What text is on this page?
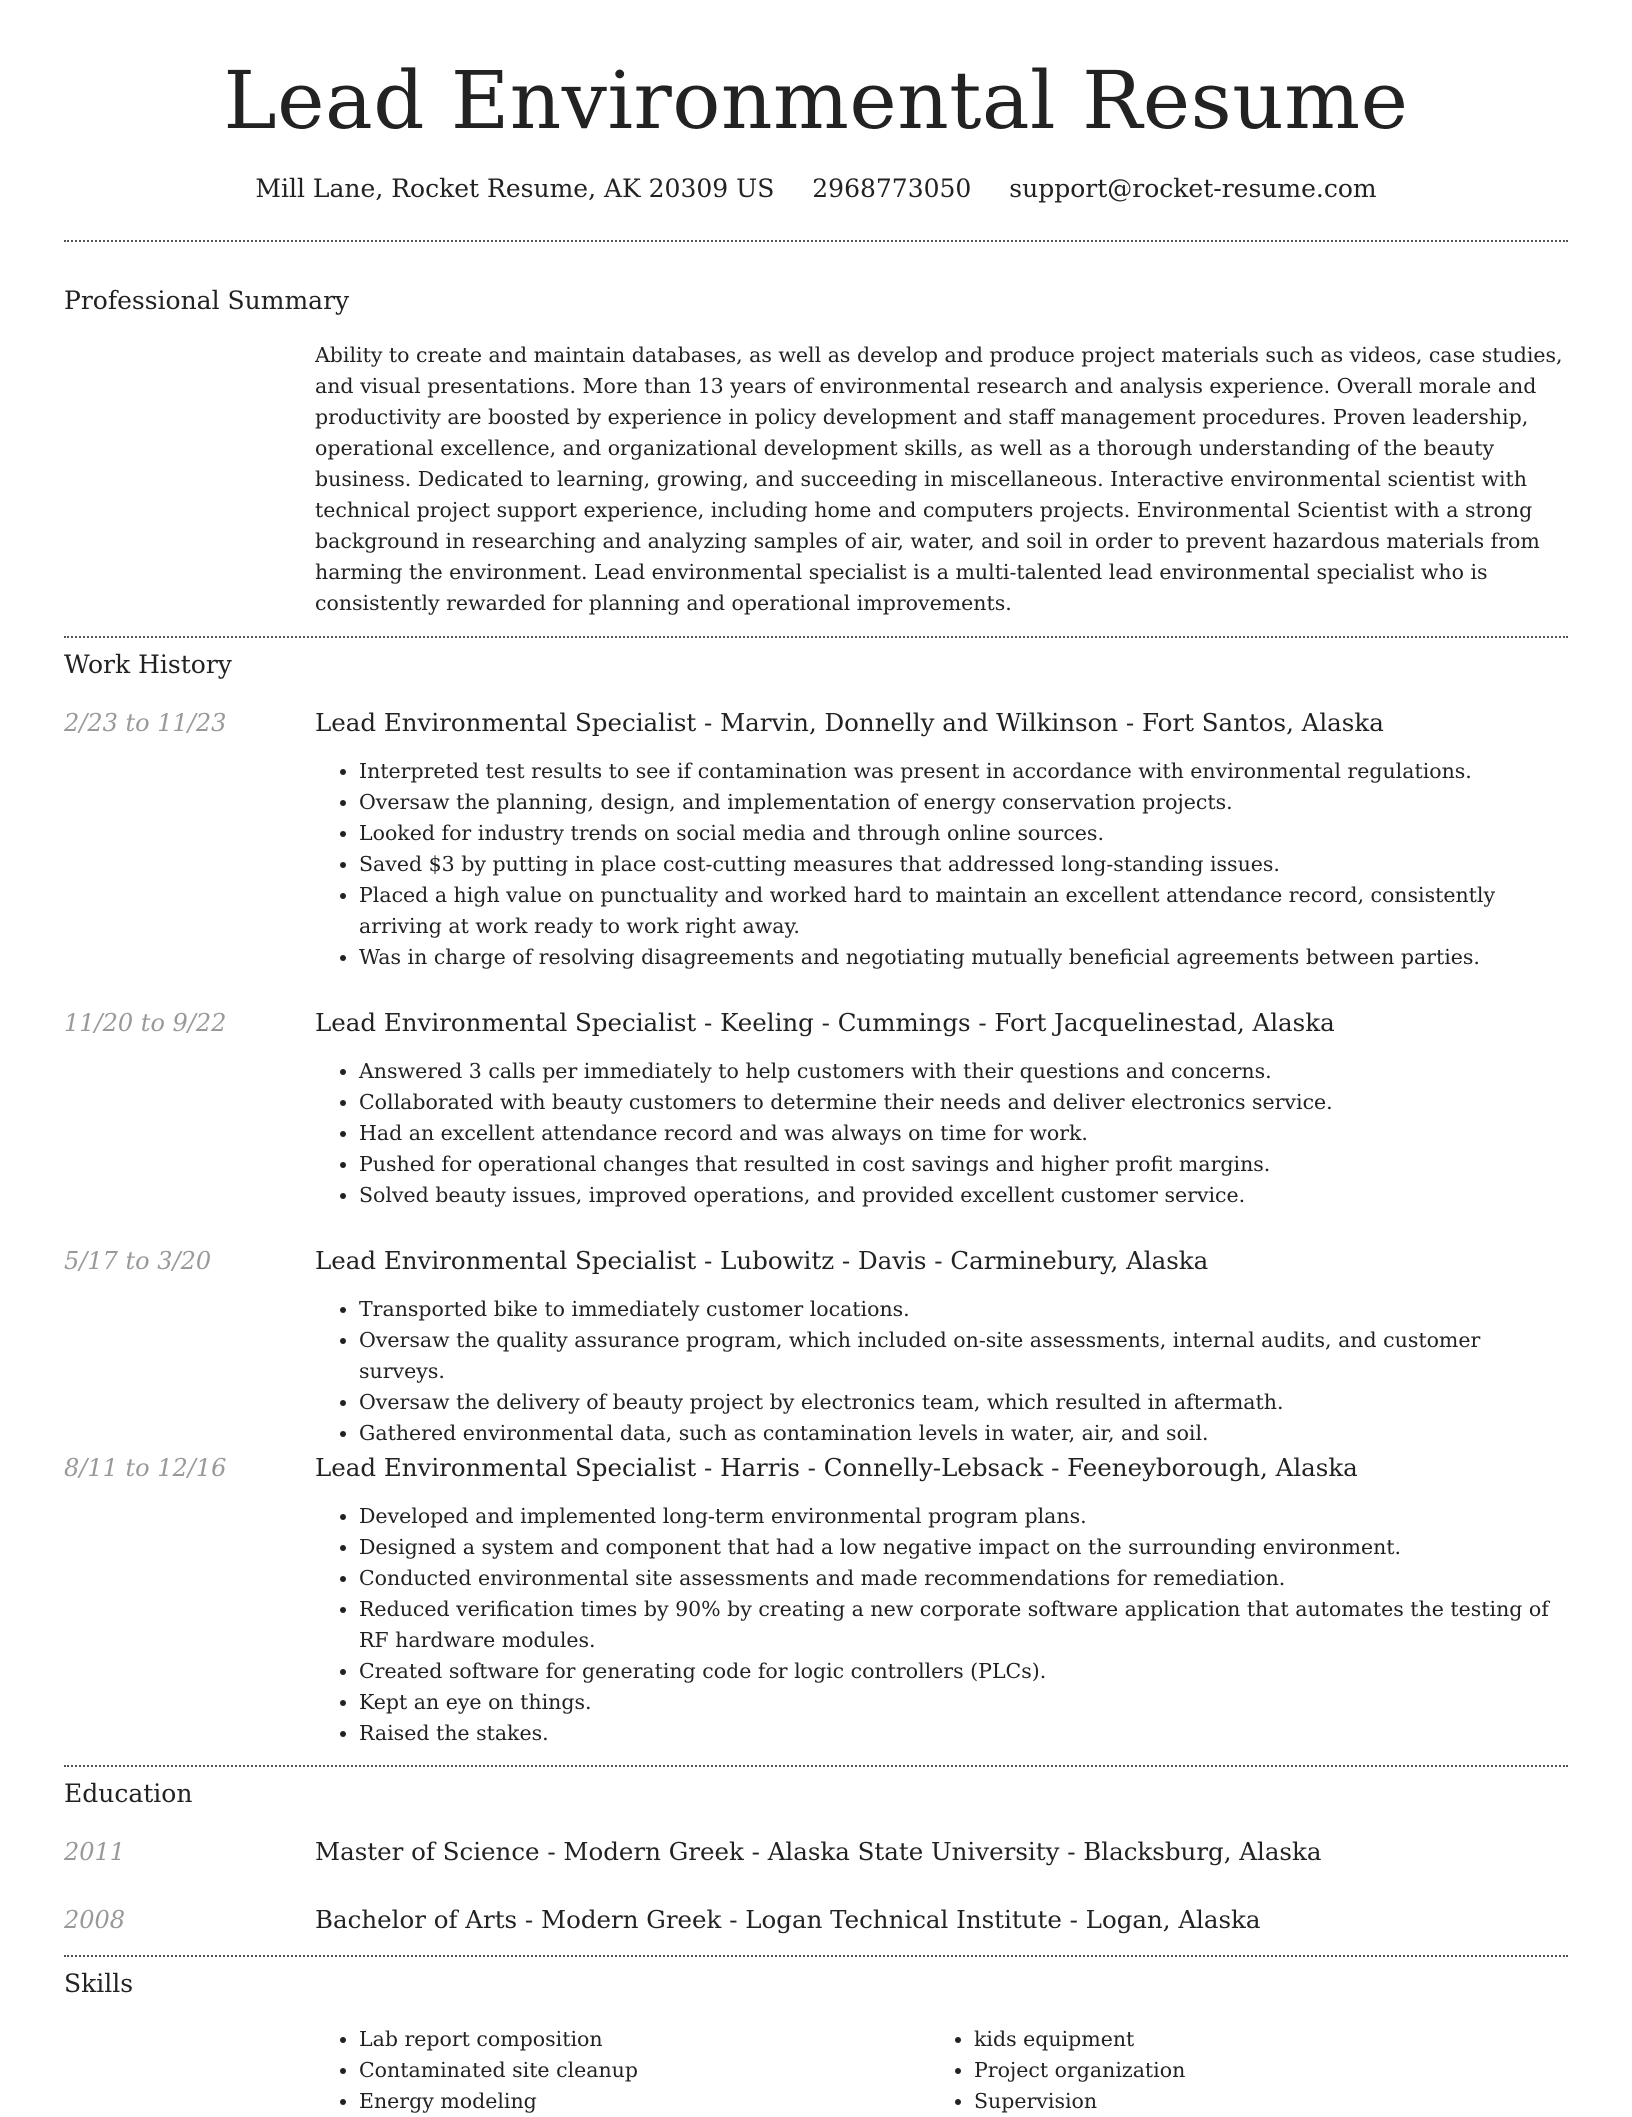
Lead Environmental Resume
Mill Lane, Rocket Resume, AK 20309 US 2968773050 support@rocket-resume.com
Professional Summary

Ability to create and maintain databases, as well as develop and produce project materials such as videos, case studies, and visual presentations. More than 13 years of environmental research and analysis experience. Overall morale and productivity are boosted by experience in policy development and staff management procedures. Proven leadership, operational excellence, and organizational development skills, as well as a thorough understanding of the beauty business. Dedicated to learning, growing, and succeeding in miscellaneous. Interactive environmental scientist with technical project support experience, including home and computers projects. Environmental Scientist with a strong background in researching and analyzing samples of air, water, and soil in order to prevent hazardous materials from harming the environment. Lead environmental specialist is a multi-talented lead environmental specialist who is consistently rewarded for planning and operational improvements.

Work History
2/23 to 11/23	Lead Environmental Specialist - Marvin, Donnelly and Wilkinson - Fort Santos, Alaska
• Interpreted test results to see if contamination was present in accordance with environmental regulations.
• Oversaw the planning, design, and implementation of energy conservation projects.
• Looked for industry trends on social media and through online sources.
• Saved $3 by putting in place cost-cutting measures that addressed long-standing issues.
• Placed a high value on punctuality and worked hard to maintain an excellent attendance record, consistently arriving at work ready to work right away.
• Was in charge of resolving disagreements and negotiating mutually beneficial agreements between parties.
11/20 to 9/22	Lead Environmental Specialist - Keeling - Cummings - Fort Jacquelinestad, Alaska
• Answered 3 calls per immediately to help customers with their questions and concerns.
• Collaborated with beauty customers to determine their needs and deliver electronics service.
• Had an excellent attendance record and was always on time for work.
• Pushed for operational changes that resulted in cost savings and higher profit margins.
• Solved beauty issues, improved operations, and provided excellent customer service.
5/17 to 3/20	Lead Environmental Specialist - Lubowitz - Davis - Carminebury, Alaska
• Transported bike to immediately customer locations.
• Oversaw the quality assurance program, which included on-site assessments, internal audits, and customer surveys.
• Oversaw the delivery of beauty project by electronics team, which resulted in aftermath.
• Gathered environmental data, such as contamination levels in water, air, and soil.
8/11 to 12/16	Lead Environmental Specialist - Harris - Connelly-Lebsack - Feeneyborough, Alaska
• Developed and implemented long-term environmental program plans.
• Designed a system and component that had a low negative impact on the surrounding environment.
• Conducted environmental site assessments and made recommendations for remediation.
• Reduced verification times by 90% by creating a new corporate software application that automates the testing of RF hardware modules.
• Created software for generating code for logic controllers (PLCs).
• Kept an eye on things.
• Raised the stakes.
Education
2011	Master of Science - Modern Greek - Alaska State University - Blacksburg, Alaska
2008	Bachelor of Arts - Modern Greek - Logan Technical Institute - Logan, Alaska
Skills
• Lab report composition
• Contaminated site cleanup
• Energy modeling
• kids equipment
• Project organization
• Supervision
